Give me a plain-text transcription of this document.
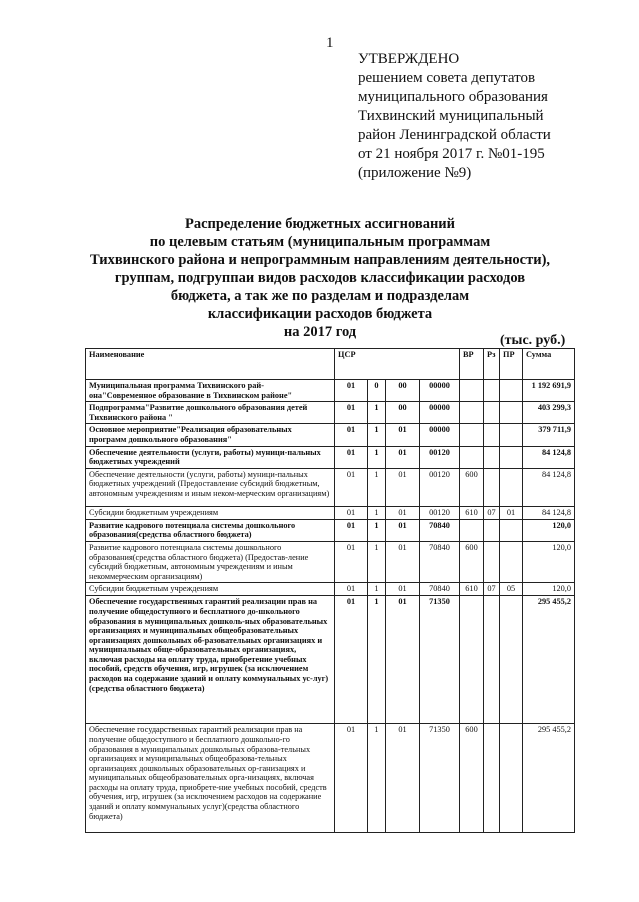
1
УТВЕРЖДЕНО
решением совета депутатов
муниципального образования
Тихвинский муниципальный
район Ленинградской области
от 21 ноября 2017 г. №01-195
(приложение №9)
Распределение бюджетных ассигнований
по целевым статьям (муниципальным программам
Тихвинского района и непрограммным направлениям деятельности),
группам, подгруппаи видов расходов классификации расходов
бюджета, а так же по разделам и подразделам
классификации расходов бюджета
на 2017 год
(тыс. руб.)
Наименование	ЦСР				ВР	Рз	ПР	Сумма
Муниципальная программа Тихвинского рай-она"Современное образование в Тихвинском районе"	01	0	00	00000				1 192 691,9
Подпрограмма"Развитие дошкольного образования детей Тихвинского района "	01	1	00	00000				403 299,3
Основное мероприятие"Реализация образовательных программ дошкольного образования"	01	1	01	00000				379 711,9
Обеспечение деятельности (услуги, работы) муници-пальных бюджетных учреждений	01	1	01	00120				84 124,8
Обеспечение деятельности (услуги, работы) муници-пальных бюджетных учреждений (Предоставление субсидий бюджетным, автономным учреждениям и иным неком-мерческим организациям)	01	1	01	00120	600			84 124,8
Субсидии бюджетным учреждениям	01	1	01	00120	610	07	01	84 124,8
Развитие кадрового потенциала системы дошкольного образования(средства областного бюджета)	01	1	01	70840				120,0
Развитие кадрового потенциала системы дошкольного образования(средства областного бюджета) (Предостав-ление субсидий бюджетным, автономным учреждениям и иным некоммерческим организациям)	01	1	01	70840	600			120,0
Субсидии бюджетным учреждениям	01	1	01	70840	610	07	05	120,0
Обеспечение государственных гарантий реализации прав на получение общедоступного и бесплатного до-школьного образования в муниципальных дошколь-ных образовательных организациях и муниципальных общеобразовательных организациях дошкольных об-разовательных организациях и муниципальных обще-образовательных организациях, включая расходы на оплату труда, приобретение учебных пособий, средств обучения, игр, игрушек (за исключением расходов на содержание зданий и оплату коммунальных ус-луг)(средства областного бюджета)	01	1	01	71350				295 455,2
Обеспечение государственных гарантий реализации прав на получение общедоступного и бесплатного дошкольно-го образования в муниципальных дошкольных образова-тельных организациях и муниципальных общеобразова-тельных организациях дошкольных образовательных ор-ганизациях и муниципальных общеобразовательных орга-низациях, включая расходы на оплату труда, приобрете-ние учебных пособий, средств обучения, игр, игрушек (за исключением расходов на содержание зданий и оплату коммунальных услуг)(средства областного бюджета)	01	1	01	71350	600			295 455,2
